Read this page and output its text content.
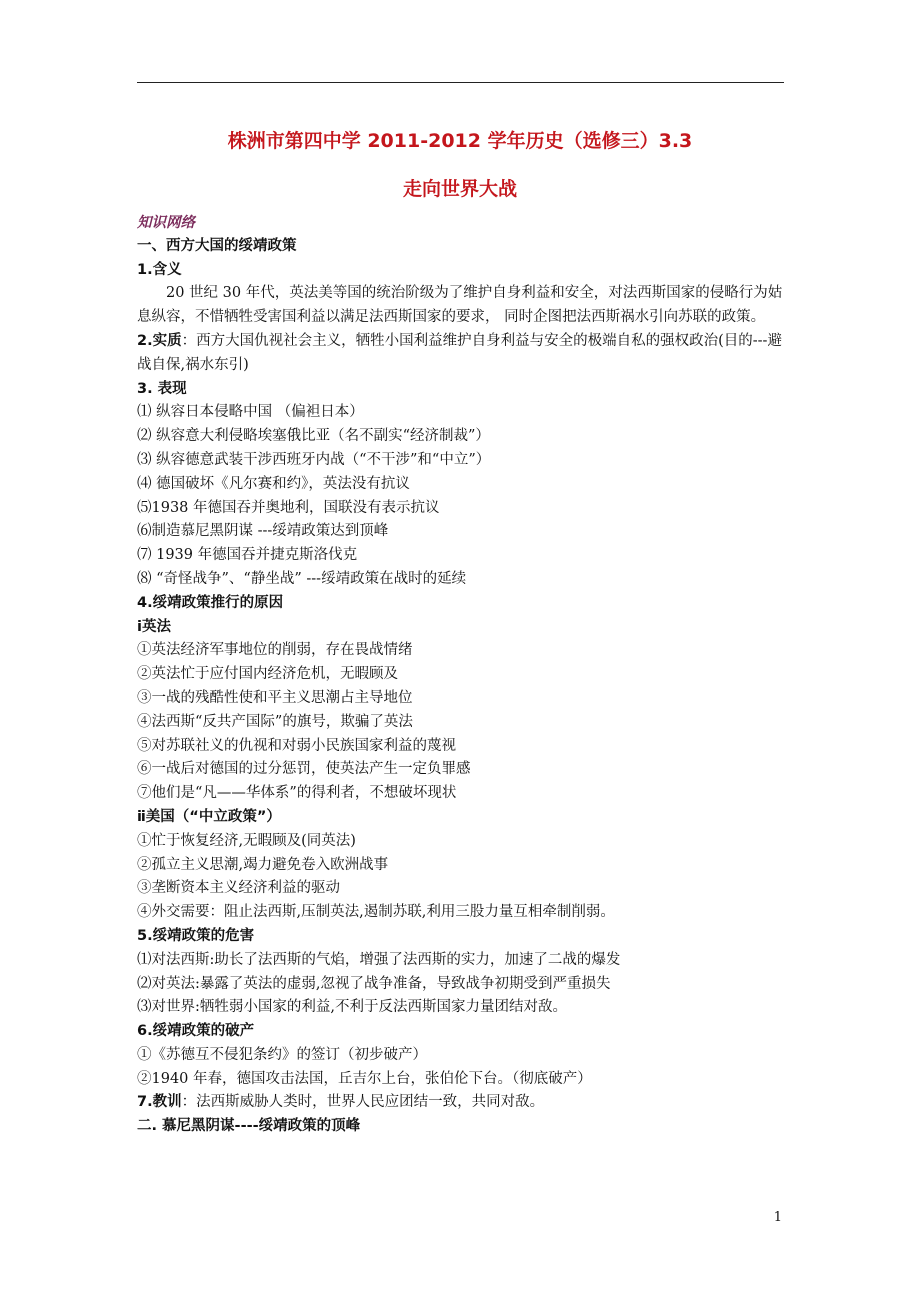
株洲市第四中学 2011-2012 学年历史（选修三）3.3
走向世界大战
知识网络
一、西方大国的绥靖政策
1.含义
20 世纪 30 年代，英法美等国的统治阶级为了维护自身利益和安全，对法西斯国家的侵略行为姑息纵容，不惜牺牲受害国利益以满足法西斯国家的要求， 同时企图把法西斯祸水引向苏联的政策。
2.实质：西方大国仇视社会主义，牺牲小国利益维护自身利益与安全的极端自私的强权政治(目的---避战自保,祸水东引)
3. 表现
⑴ 纵容日本侵略中国 （偏袒日本）
⑵ 纵容意大利侵略埃塞俄比亚（名不副实“经济制裁”）
⑶ 纵容德意武装干涉西班牙内战（“不干涉”和“中立”）
⑷ 德国破坏《凡尔赛和约》，英法没有抗议
⑸1938 年德国吞并奥地利，国联没有表示抗议
⑹制造慕尼黑阴谋 ---绥靖政策达到顶峰
⑺ 1939 年德国吞并捷克斯洛伐克
⑻ “奇怪战争”、“静坐战” ---绥靖政策在战时的延续
4.绥靖政策推行的原因
ⅰ英法
①英法经济军事地位的削弱，存在畏战情绪
②英法忙于应付国内经济危机，无暇顾及
③一战的残酷性使和平主义思潮占主导地位
④法西斯“反共产国际”的旗号，欺骗了英法
⑤对苏联社义的仇视和对弱小民族国家利益的蔑视
⑥一战后对德国的过分惩罚，使英法产生一定负罪感
⑦他们是“凡——华体系”的得利者，不想破坏现状
ⅱ美国（“中立政策”）
①忙于恢复经济,无暇顾及(同英法)
②孤立主义思潮,竭力避免卷入欧洲战事
③垄断资本主义经济利益的驱动
④外交需要：阻止法西斯,压制英法,遏制苏联,利用三股力量互相牵制削弱。
5.绥靖政策的危害
⑴对法西斯:助长了法西斯的气焰，增强了法西斯的实力，加速了二战的爆发
⑵对英法:暴露了英法的虚弱,忽视了战争准备，导致战争初期受到严重损失
⑶对世界:牺牲弱小国家的利益,不利于反法西斯国家力量团结对敌。
6.绥靖政策的破产
①《苏德互不侵犯条约》的签订（初步破产）
②1940 年春，德国攻击法国，丘吉尔上台，张伯伦下台。（彻底破产）
7.教训：法西斯威胁人类时，世界人民应团结一致，共同对敌。
二. 慕尼黑阴谋----绥靖政策的顶峰
1
